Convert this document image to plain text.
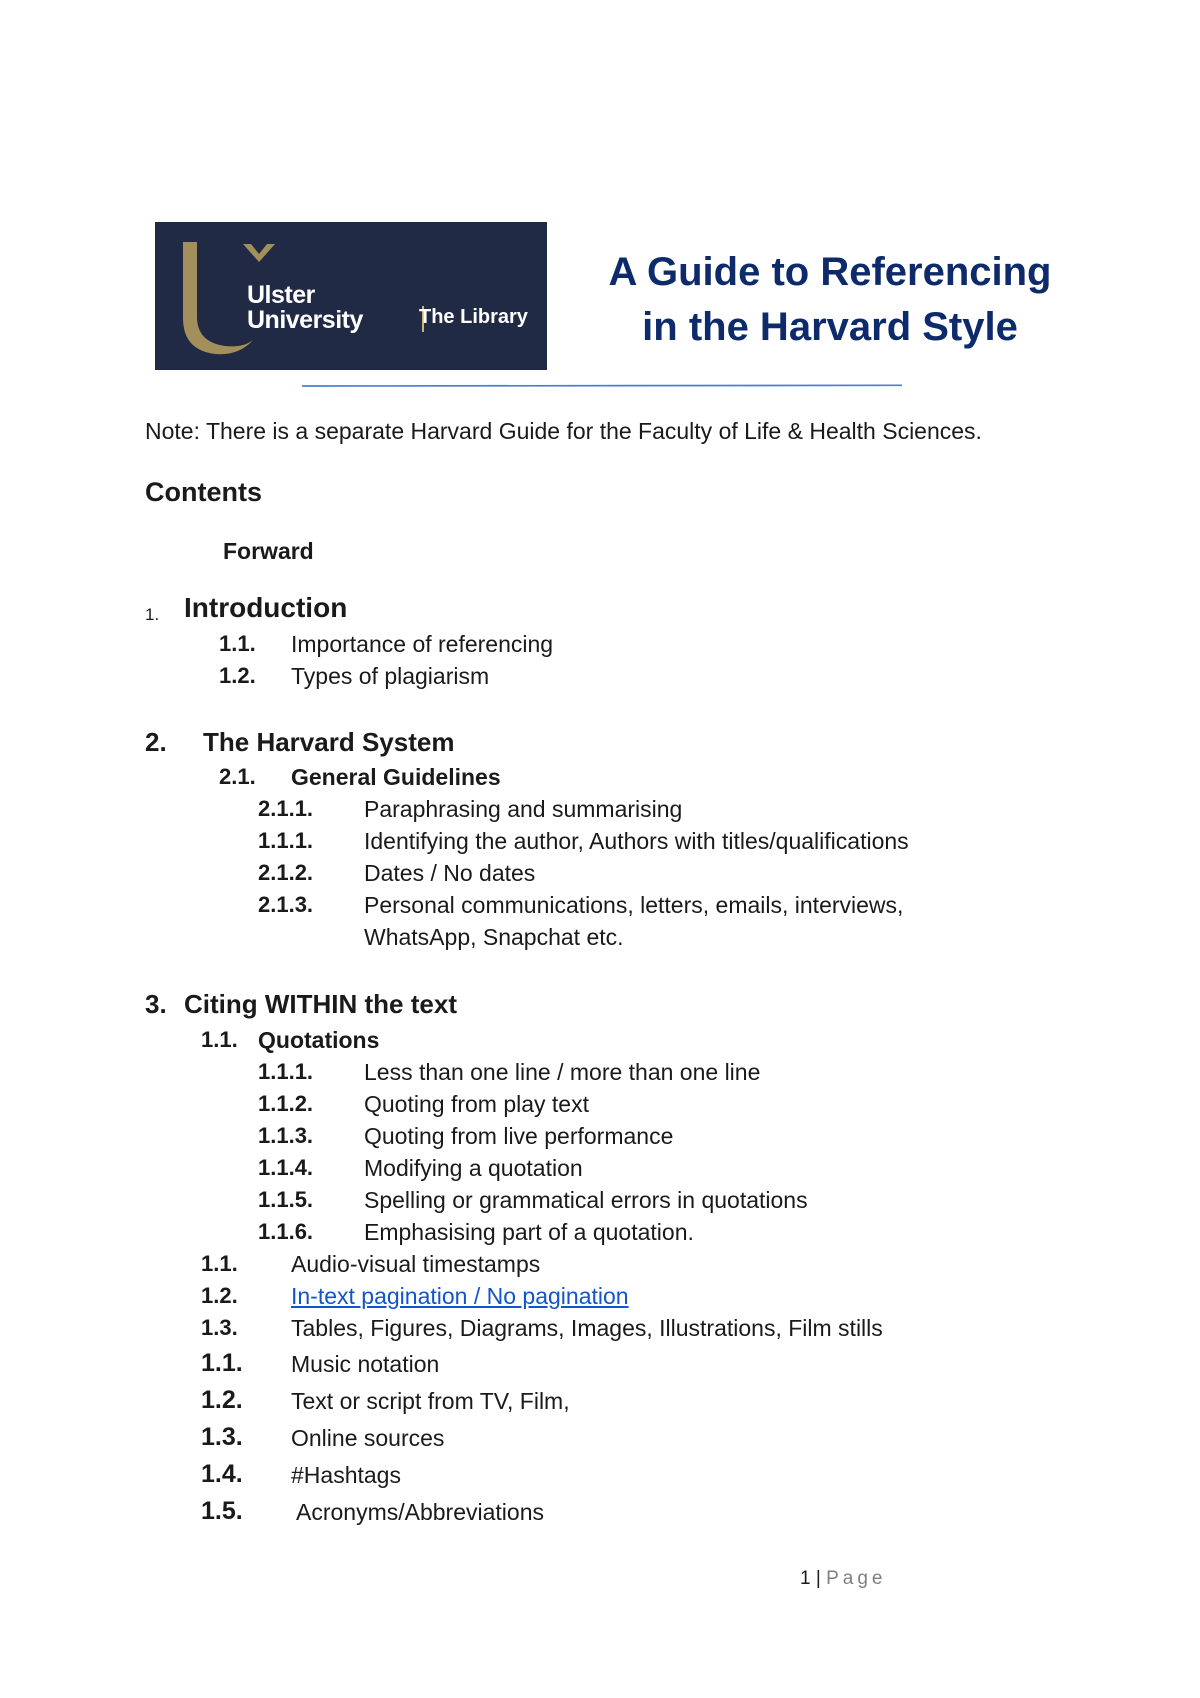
Ulster
University	The Library
A Guide to Referencing
in the Harvard Style
Note: There is a separate Harvard Guide for the Faculty of Life & Health Sciences.
Contents
Forward
1. Introduction
1.1. Importance of referencing
1.2. Types of plagiarism
2. The Harvard System
2.1. General Guidelines
2.1.1. Paraphrasing and summarising
1.1.1. Identifying the author, Authors with titles/qualifications
2.1.2. Dates / No dates
2.1.3. Personal communications, letters, emails, interviews,
WhatsApp, Snapchat etc.
3. Citing WITHIN the text
1.1. Quotations
1.1.1. Less than one line / more than one line
1.1.2. Quoting from play text
1.1.3. Quoting from live performance
1.1.4. Modifying a quotation
1.1.5. Spelling or grammatical errors in quotations
1.1.6. Emphasising part of a quotation.
1.1. Audio-visual timestamps
1.2. In-text pagination / No pagination
1.3. Tables, Figures, Diagrams, Images, Illustrations, Film stills
1.1. Music notation
1.2. Text or script from TV, Film,
1.3. Online sources
1.4. #Hashtags
1.5. Acronyms/Abbreviations
1 | Page
